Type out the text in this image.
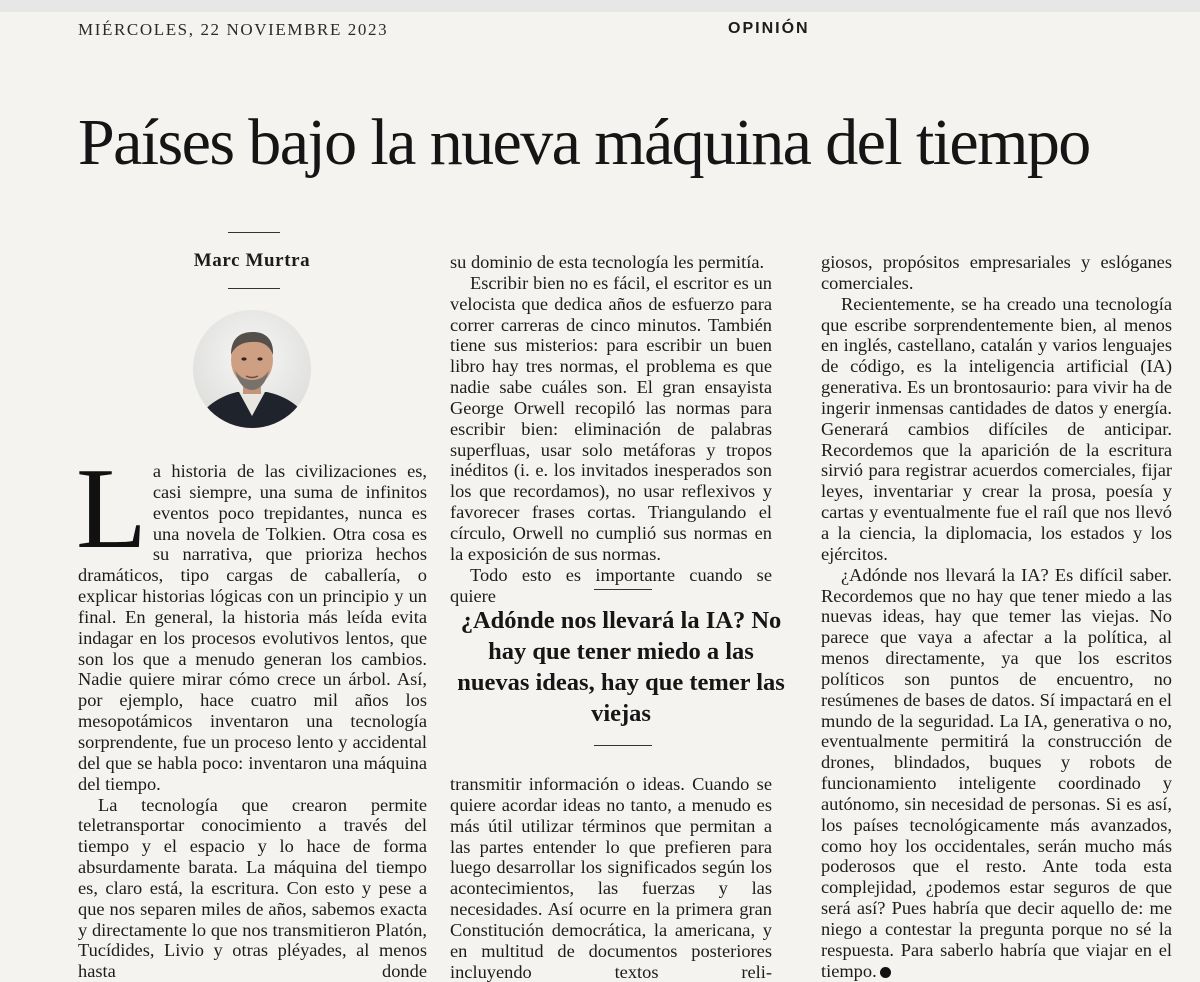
MIÉRCOLES, 22 NOVIEMBRE 2023	OPINIÓN
Países bajo la nueva máquina del tiempo
Marc Murtra

La historia de las civilizaciones es, casi siempre, una suma de infinitos eventos poco trepidantes, nunca es una novela de Tolkien. Otra cosa es su narrativa, que prioriza hechos dramáticos, tipo cargas de caballería, o explicar historias lógicas con un principio y un final. En general, la historia más leída evita indagar en los procesos evolutivos lentos, que son los que a menudo generan los cambios. Nadie quiere mirar cómo crece un árbol. Así, por ejemplo, hace cuatro mil años los mesopotámicos inventaron una tecnología sorprendente, fue un proceso lento y accidental del que se habla poco: inventaron una máquina del tiempo.

La tecnología que crearon permite teletransportar conocimiento a través del tiempo y el espacio y lo hace de forma absurdamente barata. La máquina del tiempo es, claro está, la escritura. Con esto y pese a que nos separen miles de años, sabemos exacta y directamente lo que nos transmitieron Platón, Tucídides, Livio y otras pléyades, al menos hasta donde

su dominio de esta tecnología les permitía.

Escribir bien no es fácil, el escritor es un velocista que dedica años de esfuerzo para correr carreras de cinco minutos. También tiene sus misterios: para escribir un buen libro hay tres normas, el problema es que nadie sabe cuáles son. El gran ensayista George Orwell recopiló las normas para escribir bien: eliminación de palabras superfluas, usar solo metáforas y tropos inéditos (i. e. los invitados inesperados son los que recordamos), no usar reflexivos y favorecer frases cortas. Triangulando el círculo, Orwell no cumplió sus normas en la exposición de sus normas.

Todo esto es importante cuando se quiere

¿Adónde nos llevará la IA? No hay que tener miedo a las nuevas ideas, hay que temer las viejas

transmitir información o ideas. Cuando se quiere acordar ideas no tanto, a menudo es más útil utilizar términos que permitan a las partes entender lo que prefieren para luego desarrollar los significados según los acontecimientos, las fuerzas y las necesidades. Así ocurre en la primera gran Constitución democrática, la americana, y en multitud de documentos posteriores incluyendo textos reli-

giosos, propósitos empresariales y eslóganes comerciales.

Recientemente, se ha creado una tecnología que escribe sorprendentemente bien, al menos en inglés, castellano, catalán y varios lenguajes de código, es la inteligencia artificial (IA) generativa. Es un brontosaurio: para vivir ha de ingerir inmensas cantidades de datos y energía. Generará cambios difíciles de anticipar. Recordemos que la aparición de la escritura sirvió para registrar acuerdos comerciales, fijar leyes, inventariar y crear la prosa, poesía y cartas y eventualmente fue el raíl que nos llevó a la ciencia, la diplomacia, los estados y los ejércitos.

¿Adónde nos llevará la IA? Es difícil saber. Recordemos que no hay que tener miedo a las nuevas ideas, hay que temer las viejas. No parece que vaya a afectar a la política, al menos directamente, ya que los escritos políticos son puntos de encuentro, no resúmenes de bases de datos. Sí impactará en el mundo de la seguridad. La IA, generativa o no, eventualmente permitirá la construcción de drones, blindados, buques y robots de funcionamiento inteligente coordinado y autónomo, sin necesidad de personas. Si es así, los países tecnológicamente más avanzados, como hoy los occidentales, serán mucho más poderosos que el resto. Ante toda esta complejidad, ¿podemos estar seguros de que será así? Pues habría que decir aquello de: me niego a contestar la pregunta porque no sé la respuesta. Para saberlo habría que viajar en el tiempo.
